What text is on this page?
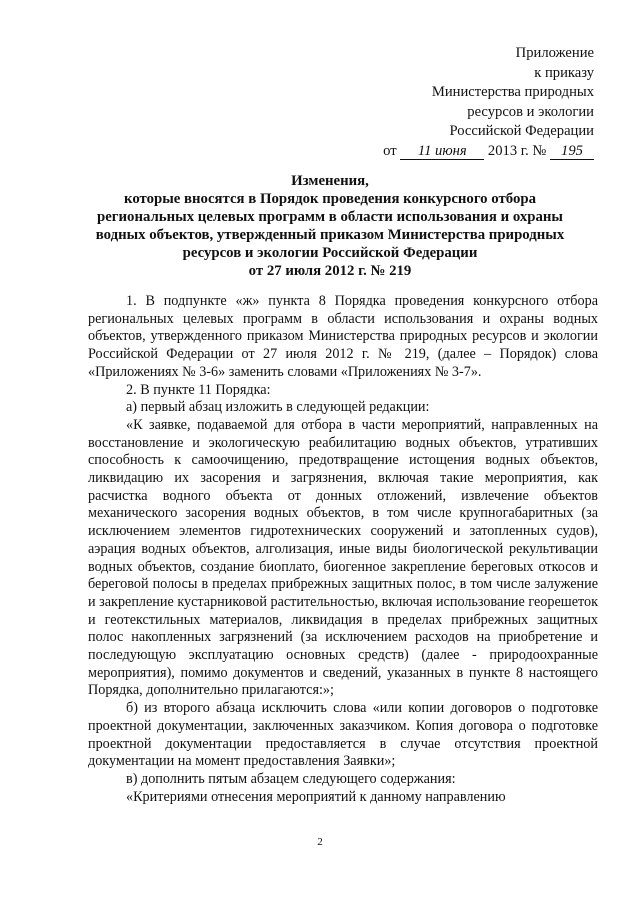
Приложение
к приказу
Министерства природных
ресурсов и экологии
Российской Федерации
от 11 июня 2013 г. № 195
Изменения,
которые вносятся в Порядок проведения конкурсного отбора
региональных целевых программ в области использования и охраны
водных объектов, утвержденный приказом Министерства природных
ресурсов и экологии Российской Федерации
от 27 июля 2012 г. № 219

1. В подпункте «ж» пункта 8 Порядка проведения конкурсного отбора региональных целевых программ в области использования и охраны водных объектов, утвержденного приказом Министерства природных ресурсов и экологии Российской Федерации от 27 июля 2012 г. № 219, (далее – Порядок) слова «Приложениях № 3-6» заменить словами «Приложениях № 3-7».

2. В пункте 11 Порядка:

а) первый абзац изложить в следующей редакции:

«К заявке, подаваемой для отбора в части мероприятий, направленных на восстановление и экологическую реабилитацию водных объектов, утративших способность к самоочищению, предотвращение истощения водных объектов, ликвидацию их засорения и загрязнения, включая такие мероприятия, как расчистка водного объекта от донных отложений, извлечение объектов механического засорения водных объектов, в том числе крупногабаритных (за исключением элементов гидротехнических сооружений и затопленных судов), аэрация водных объектов, алголизация, иные виды биологической рекультивации водных объектов, создание биоплато, биогенное закрепление береговых откосов и береговой полосы в пределах прибрежных защитных полос, в том числе залужение и закрепление кустарниковой растительностью, включая использование георешеток и геотекстильных материалов, ликвидация в пределах прибрежных защитных полос накопленных загрязнений (за исключением расходов на приобретение и последующую эксплуатацию основных средств) (далее - природоохранные мероприятия), помимо документов и сведений, указанных в пункте 8 настоящего Порядка, дополнительно прилагаются:»;

б) из второго абзаца исключить слова «или копии договоров о подготовке проектной документации, заключенных заказчиком. Копия договора о подготовке проектной документации предоставляется в случае отсутствия проектной документации на момент предоставления Заявки»;

в) дополнить пятым абзацем следующего содержания:

«Критериями отнесения мероприятий к данному направлению

2
